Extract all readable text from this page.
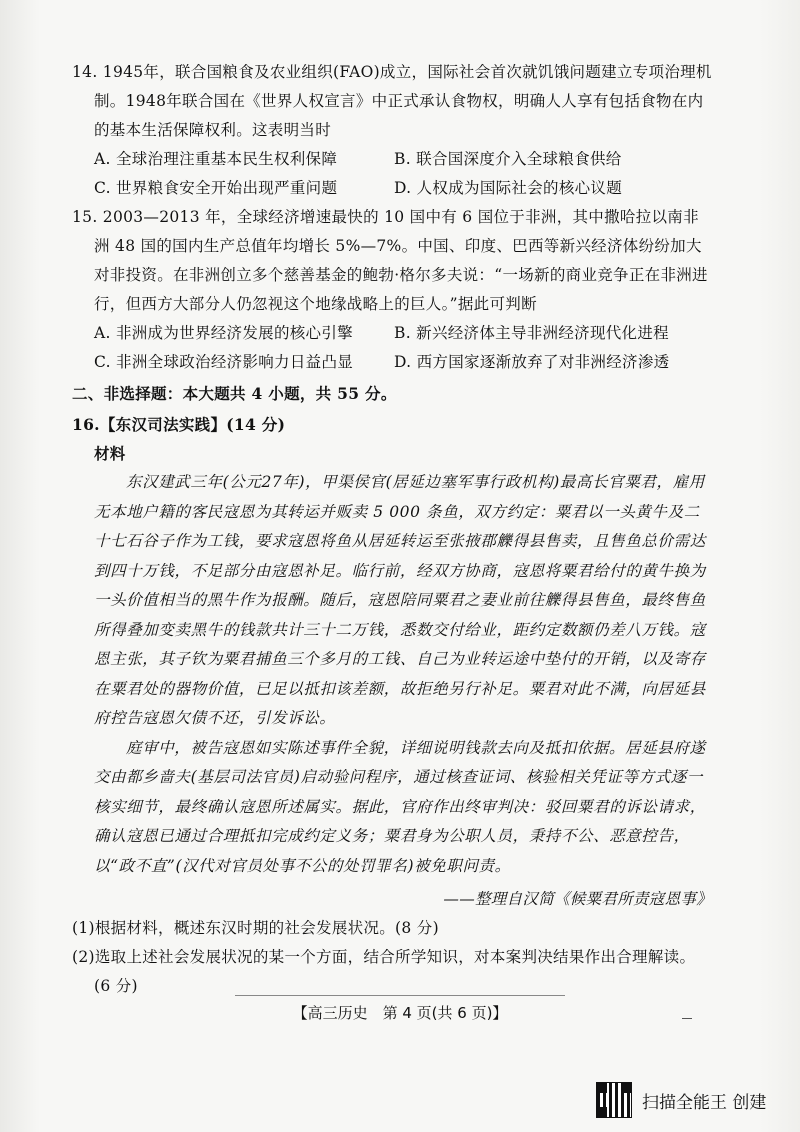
14. 1945年，联合国粮食及农业组织(FAO)成立，国际社会首次就饥饿问题建立专项治理机制。1948年联合国在《世界人权宣言》中正式承认食物权，明确人人享有包括食物在内的基本生活保障权利。这表明当时
A. 全球治理注重基本民生权利保障	B. 联合国深度介入全球粮食供给
C. 世界粮食安全开始出现严重问题	D. 人权成为国际社会的核心议题
15. 2003—2013 年，全球经济增速最快的 10 国中有 6 国位于非洲，其中撒哈拉以南非洲 48 国的国内生产总值年均增长 5%—7%。中国、印度、巴西等新兴经济体纷纷加大对非投资。在非洲创立多个慈善基金的鲍勃·格尔多夫说：“一场新的商业竞争正在非洲进行，但西方大部分人仍忽视这个地缘战略上的巨人。”据此可判断
A. 非洲成为世界经济发展的核心引擎	B. 新兴经济体主导非洲经济现代化进程
C. 非洲全球政治经济影响力日益凸显	D. 西方国家逐渐放弃了对非洲经济渗透
二、非选择题：本大题共 4 小题，共 55 分。
16.【东汉司法实践】(14 分)
材料
东汉建武三年(公元27年)，甲渠侯官(居延边塞军事行政机构)最高长官粟君，雇用无本地户籍的客民寇恩为其转运并贩卖 5 000 条鱼，双方约定：粟君以一头黄牛及二十七石谷子作为工钱，要求寇恩将鱼从居延转运至张掖郡觻得县售卖，且售鱼总价需达到四十万钱，不足部分由寇恩补足。临行前，经双方协商，寇恩将粟君给付的黄牛换为一头价值相当的黑牛作为报酬。随后，寇恩陪同粟君之妻业前往觻得县售鱼，最终售鱼所得叠加变卖黑牛的钱款共计三十二万钱，悉数交付给业，距约定数额仍差八万钱。寇恩主张，其子钦为粟君捕鱼三个多月的工钱、自己为业转运途中垫付的开销，以及寄存在粟君处的器物价值，已足以抵扣该差额，故拒绝另行补足。粟君对此不满，向居延县府控告寇恩欠债不还，引发诉讼。
庭审中，被告寇恩如实陈述事件全貌，详细说明钱款去向及抵扣依据。居延县府遂交由都乡啬夫(基层司法官员)启动验问程序，通过核查证词、核验相关凭证等方式逐一核实细节，最终确认寇恩所述属实。据此，官府作出终审判决：驳回粟君的诉讼请求，确认寇恩已通过合理抵扣完成约定义务；粟君身为公职人员，秉持不公、恶意控告，以“政不直”(汉代对官员处事不公的处罚罪名)被免职问责。
——整理自汉简《候粟君所责寇恩事》
(1)根据材料，概述东汉时期的社会发展状况。(8 分)
(2)选取上述社会发展状况的某一个方面，结合所学知识，对本案判决结果作出合理解读。
(6 分)
【高三历史　第 4 页(共 6 页)】
扫描全能王 创建
